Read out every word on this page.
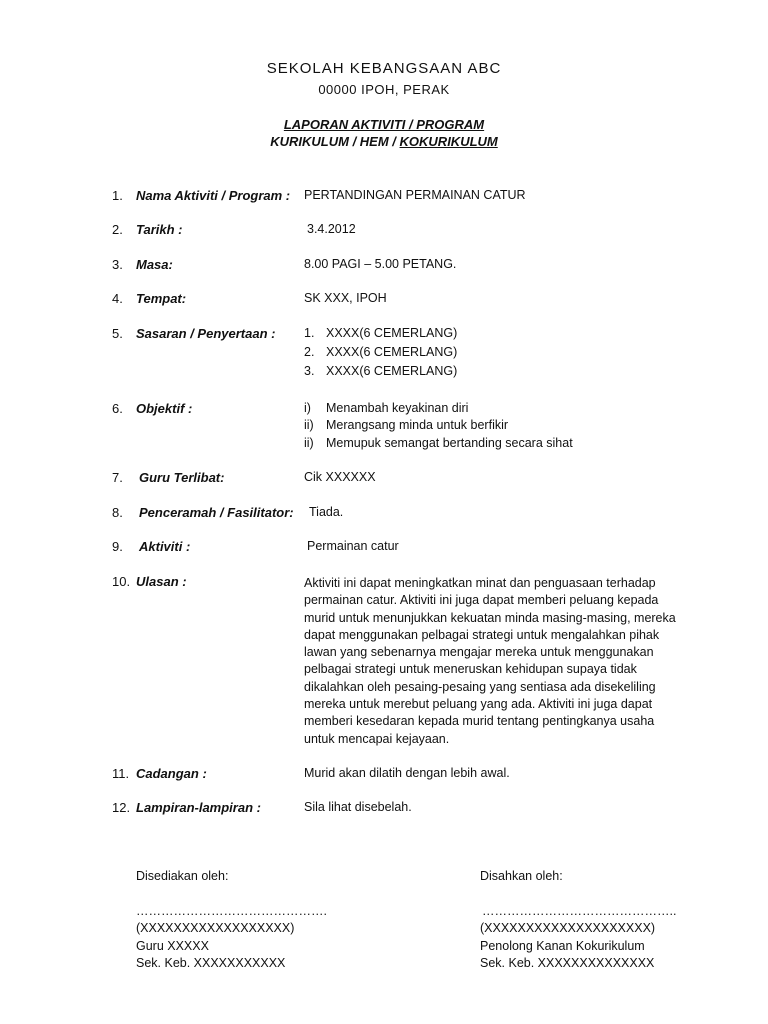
SEKOLAH KEBANGSAAN ABC
00000 IPOH, PERAK
LAPORAN AKTIVITI / PROGRAM
KURIKULUM / HEM / KOKURIKULUM
1. Nama Aktiviti / Program : PERTANDINGAN PERMAINAN CATUR
2. Tarikh :	3.4.2012
3. Masa:	8.00 PAGI – 5.00 PETANG.
4. Tempat:	SK XXX, IPOH
5. Sasaran / Penyertaan : 1. XXXX(6 CEMERLANG)
2. XXXX(6 CEMERLANG)
3. XXXX(6 CEMERLANG)
6. Objektif :	i) Menambah keyakinan diri
ii) Merangsang minda untuk berfikir
ii) Memupuk semangat bertanding secara sihat
7. Guru Terlibat:	Cik XXXXXX
8. Penceramah / Fasilitator: Tiada.
9. Aktiviti :	Permainan catur
10. Ulasan :	Aktiviti ini dapat meningkatkan minat dan penguasaan terhadap permainan catur. Aktiviti ini juga dapat memberi peluang kepada murid untuk menunjukkan kekuatan minda masing-masing, mereka dapat menggunakan pelbagai strategi untuk mengalahkan pihak lawan yang sebenarnya mengajar mereka untuk menggunakan pelbagai strategi untuk meneruskan kehidupan supaya tidak dikalahkan oleh pesaing-pesaing yang sentiasa ada disekeliling mereka untuk merebut peluang yang ada. Aktiviti ini juga dapat memberi kesedaran kepada murid tentang pentingkanya usaha untuk mencapai kejayaan.
11. Cadangan :	Murid akan dilatih dengan lebih awal.
12. Lampiran-lampiran :	Sila lihat disebelah.
Disediakan oleh:
……………………………………….
(XXXXXXXXXXXXXXXXXX)
Guru XXXXX
Sek. Keb. XXXXXXXXXXX
Disahkan oleh:
………………………………………..
(XXXXXXXXXXXXXXXXXXXX)
Penolong Kanan Kokurikulum
Sek. Keb. XXXXXXXXXXXXXX
